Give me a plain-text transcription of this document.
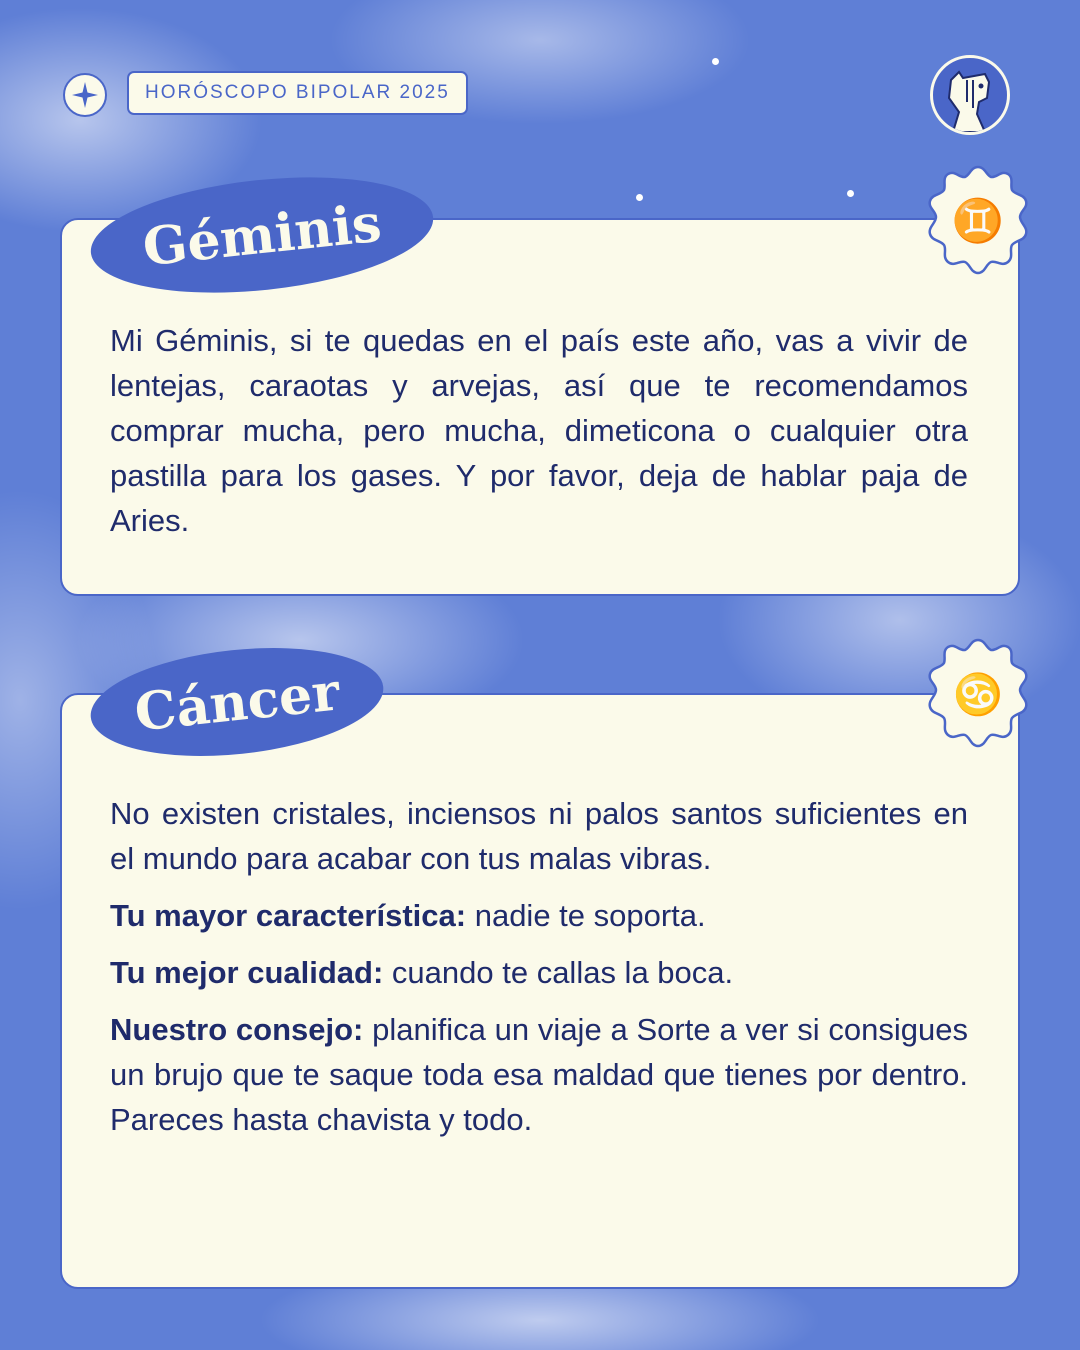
HORÓSCOPO BIPOLAR 2025

Mi Géminis, si te quedas en el país este año, vas a vivir de lentejas, caraotas y arvejas, así que te recomendamos comprar mucha, pero mucha, dimeticona o cualquier otra pastilla para los gases. Y por favor, deja de hablar paja de Aries.

Géminis	♊

No existen cristales, inciensos ni palos santos suficientes en el mundo para acabar con tus malas vibras.

Tu mayor característica: nadie te soporta.

Tu mejor cualidad: cuando te callas la boca.

Nuestro consejo: planifica un viaje a Sorte a ver si consigues un brujo que te saque toda esa maldad que tienes por dentro. Pareces hasta chavista y todo.

Cáncer	♋
